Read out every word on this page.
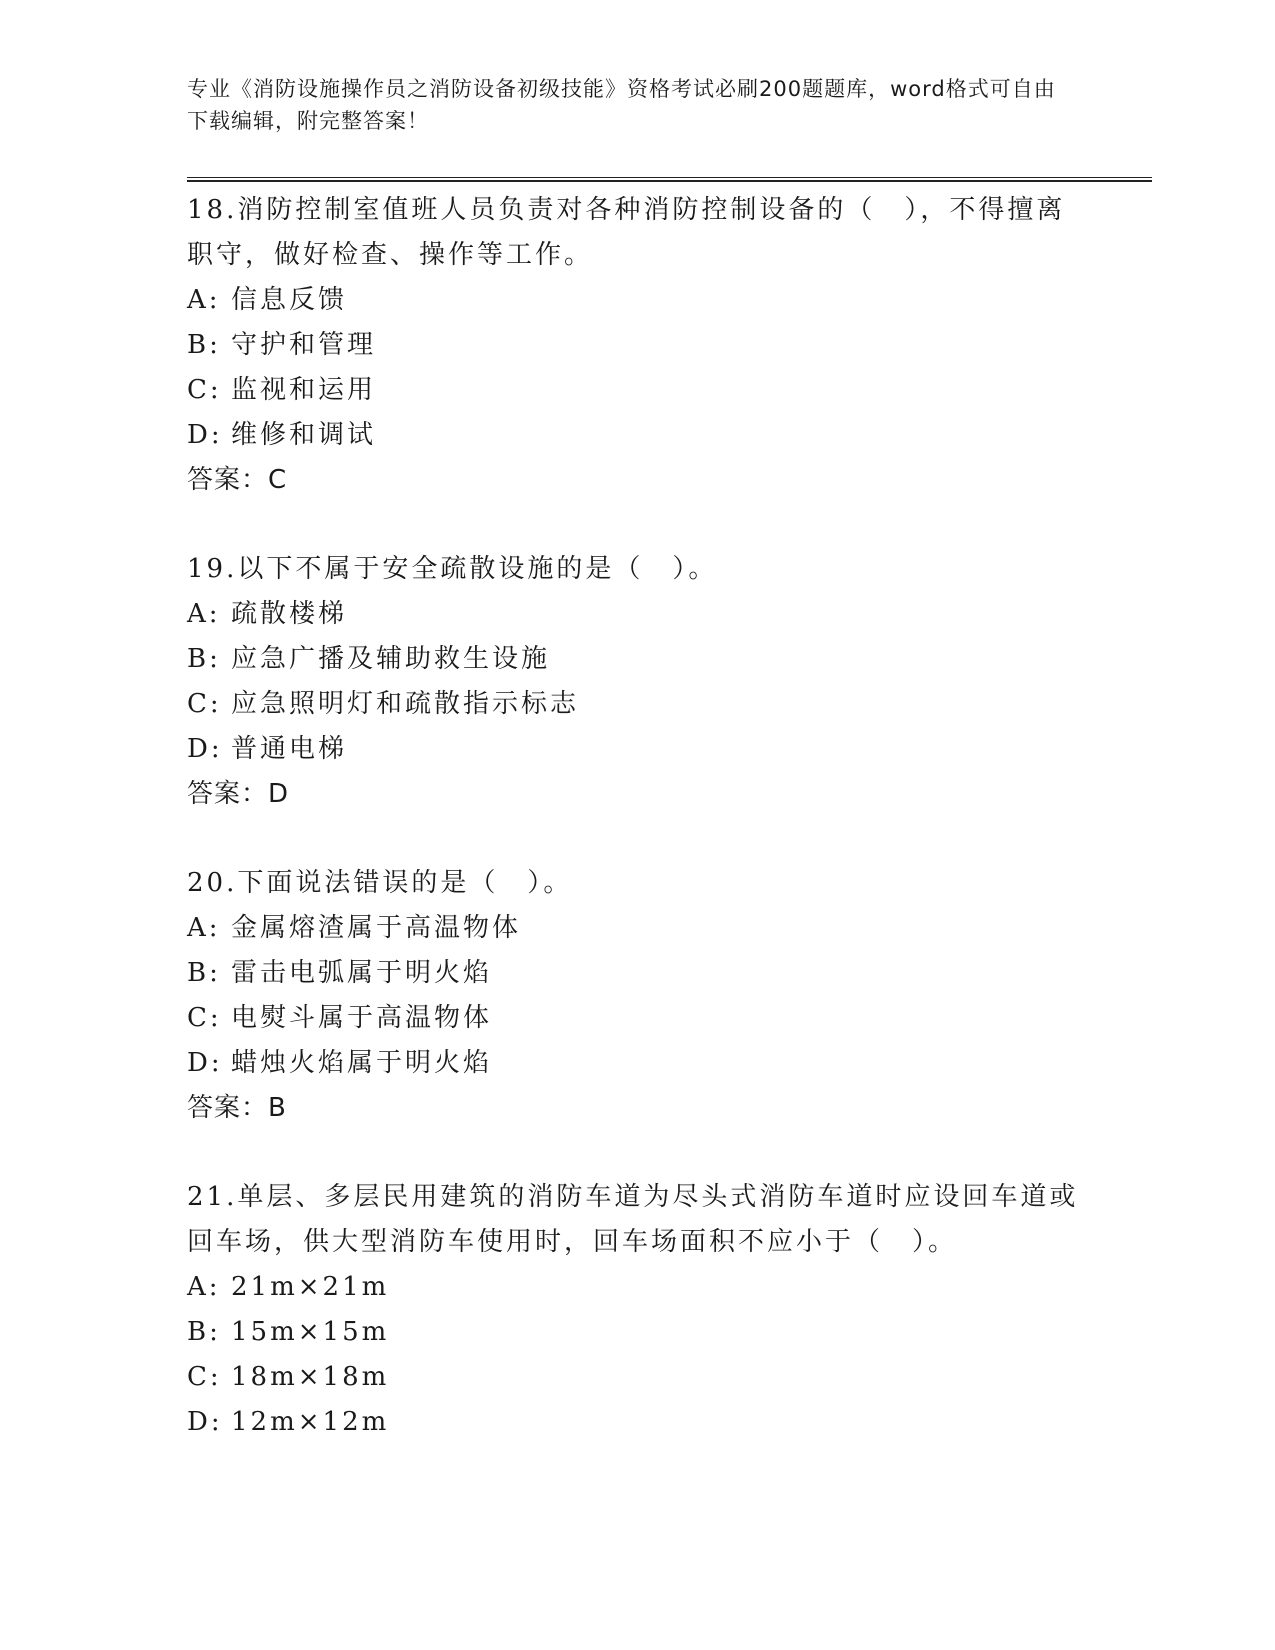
专业《消防设施操作员之消防设备初级技能》资格考试必刷200题题库，word格式可自由下载编辑，附完整答案！

18.消防控制室值班人员负责对各种消防控制设备的（　），不得擅离职守，做好检查、操作等工作。

A: 信息反馈

B: 守护和管理

C: 监视和运用

D: 维修和调试

答案：C

19.以下不属于安全疏散设施的是（　）。

A: 疏散楼梯

B: 应急广播及辅助救生设施

C: 应急照明灯和疏散指示标志

D: 普通电梯

答案：D

20.下面说法错误的是（　）。

A: 金属熔渣属于高温物体

B: 雷击电弧属于明火焰

C: 电熨斗属于高温物体

D: 蜡烛火焰属于明火焰

答案：B

21.单层、多层民用建筑的消防车道为尽头式消防车道时应设回车道或回车场，供大型消防车使用时，回车场面积不应小于（　）。

A: 21m×21m

B: 15m×15m

C: 18m×18m

D: 12m×12m
